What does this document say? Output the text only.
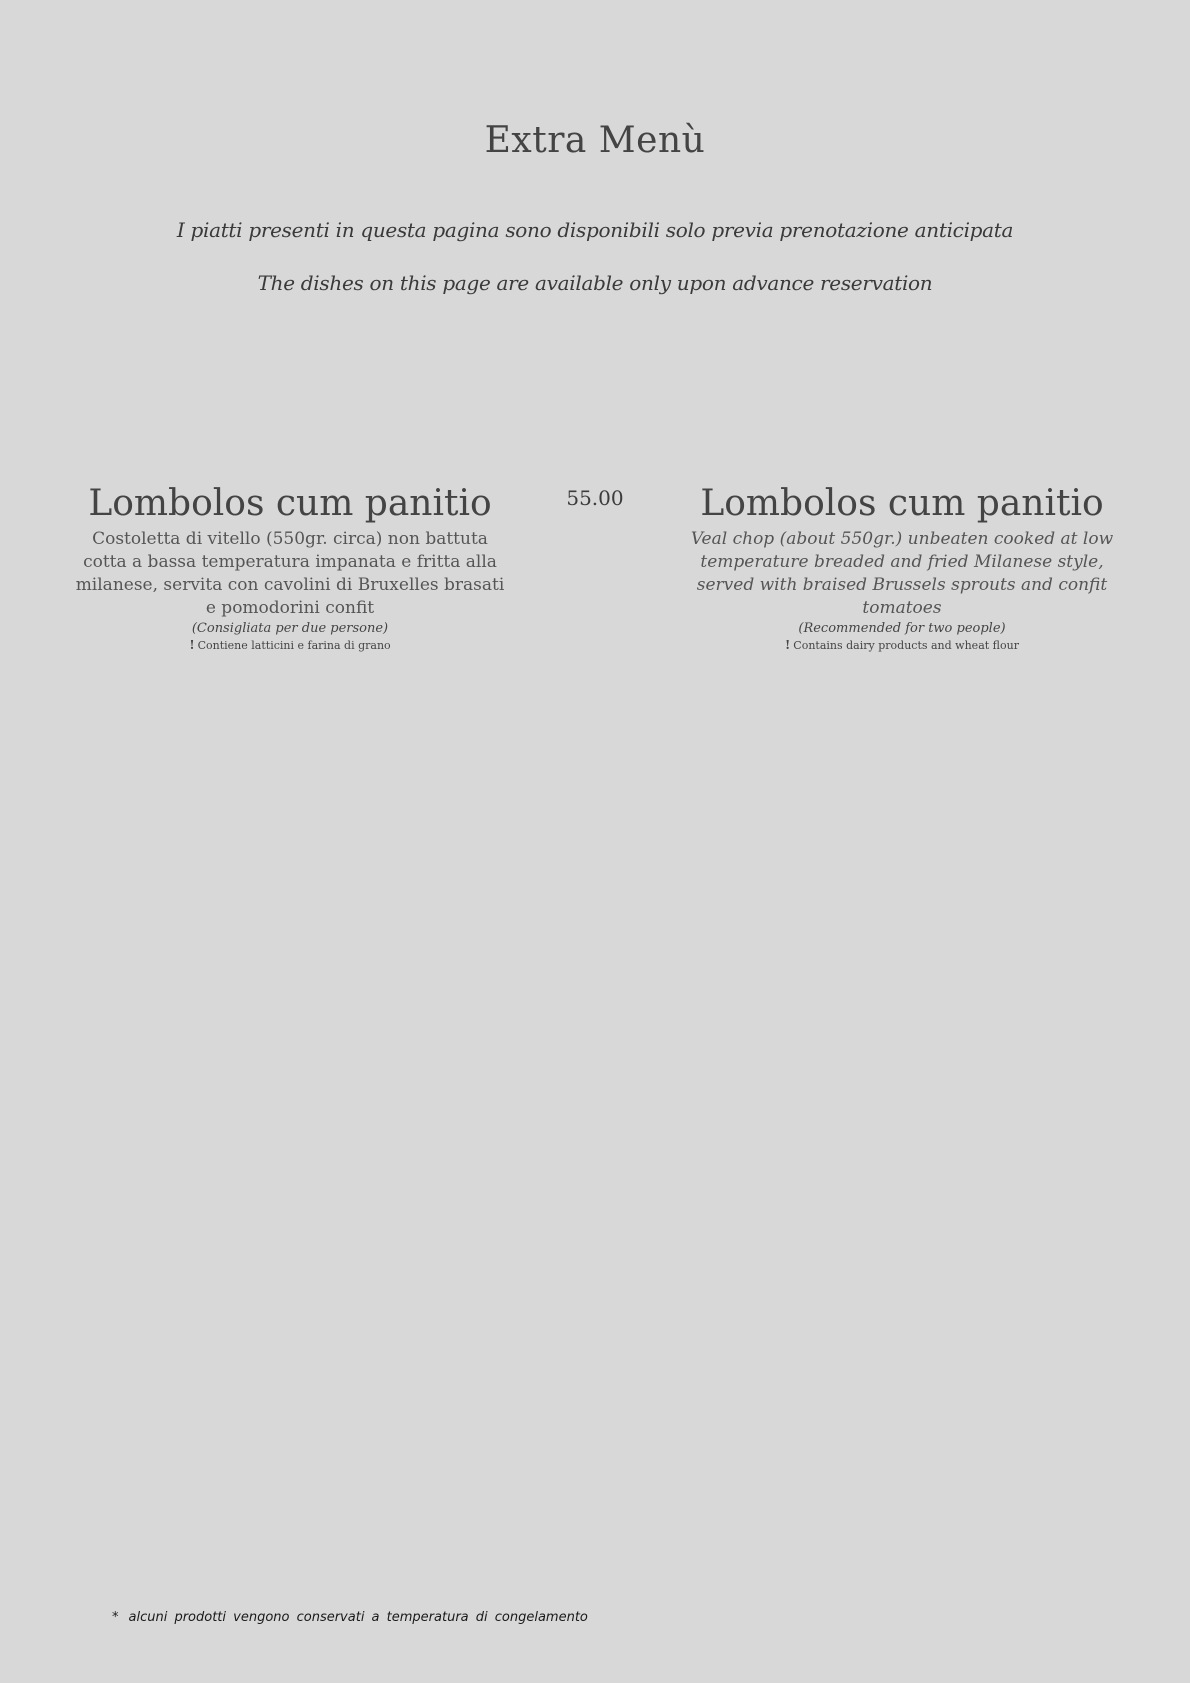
Extra Menù
I piatti presenti in questa pagina sono disponibili solo previa prenotazione anticipata
The dishes on this page are available only upon advance reservation
Lombolos cum panitio
Costoletta di vitello (550gr. circa) non battuta cotta a bassa temperatura impanata e fritta alla milanese, servita con cavolini di Bruxelles brasati e pomodorini confit
(Consigliata per due persone)
! Contiene latticini e farina di grano
55.00	Lombolos cum panitio
Veal chop (about 550gr.) unbeaten cooked at low temperature breaded and fried Milanese style, served with braised Brussels sprouts and confit tomatoes
(Recommended for two people)
! Contains dairy products and wheat flour
* alcuni prodotti vengono conservati a temperatura di congelamento
